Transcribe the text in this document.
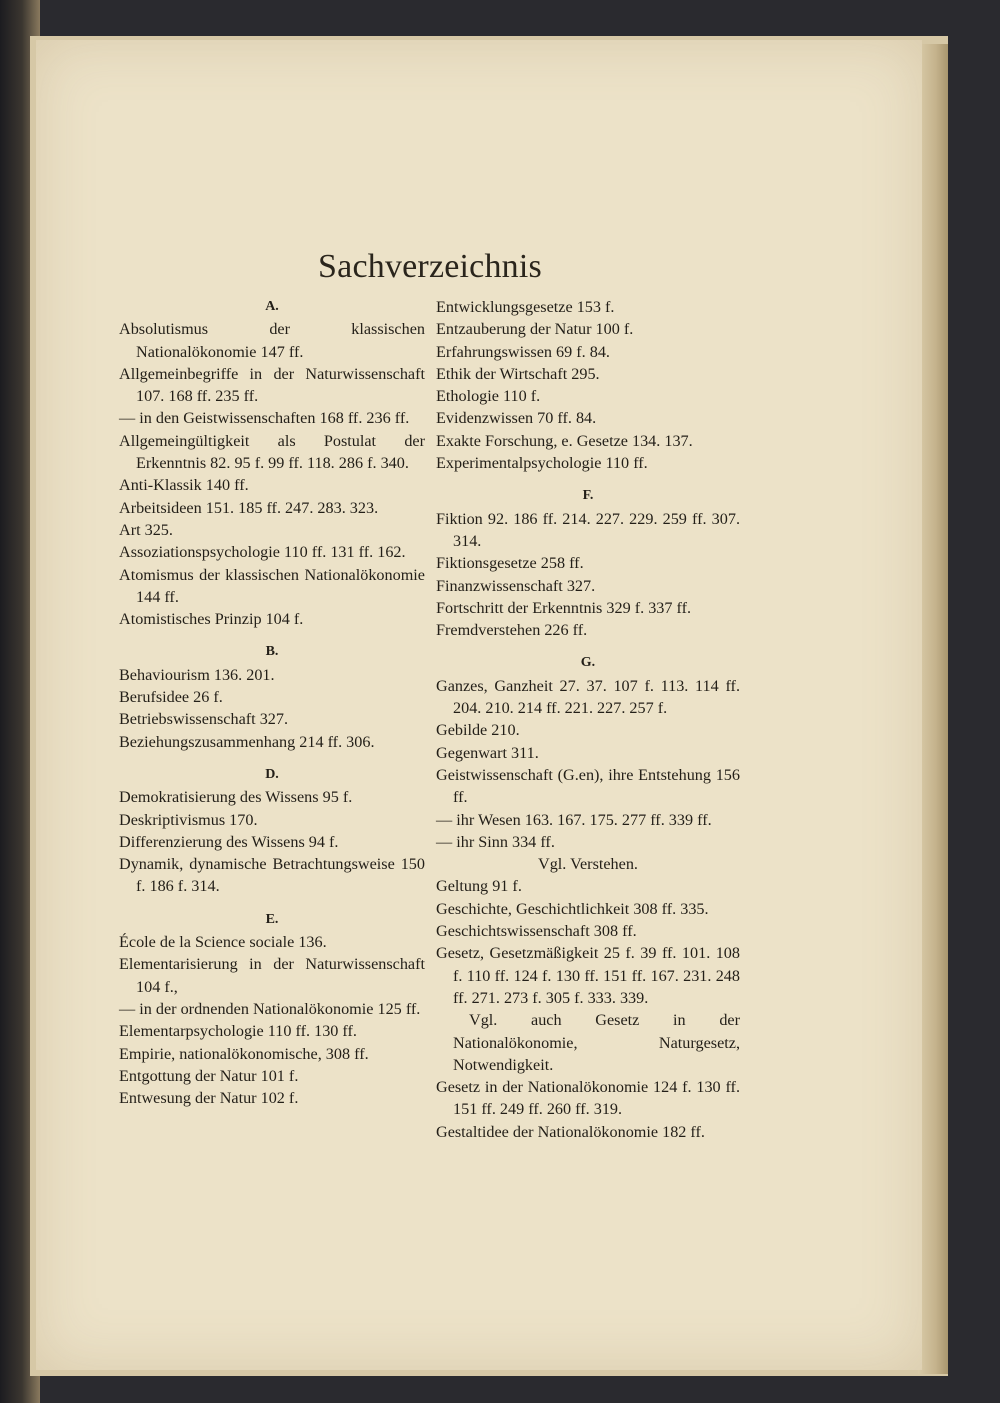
Sachverzeichnis
A.
Absolutismus der klassischen Nationalökonomie 147 ff.
Allgemeinbegriffe in der Naturwissenschaft 107. 168 ff. 235 ff.
— in den Geistwissenschaften 168 ff. 236 ff.
Allgemeingültigkeit als Postulat der Erkenntnis 82. 95 f. 99 ff. 118. 286 f. 340.
Anti-Klassik 140 ff.
Arbeitsideen 151. 185 ff. 247. 283. 323.
Art 325.
Assoziationspsychologie 110 ff. 131 ff. 162.
Atomismus der klassischen Nationalökonomie 144 ff.
Atomistisches Prinzip 104 f.
B.
Behaviourism 136. 201.
Berufsidee 26 f.
Betriebswissenschaft 327.
Beziehungszusammenhang 214 ff. 306.
D.
Demokratisierung des Wissens 95 f.
Deskriptivismus 170.
Differenzierung des Wissens 94 f.
Dynamik, dynamische Betrachtungsweise 150 f. 186 f. 314.
E.
École de la Science sociale 136.
Elementarisierung in der Naturwissenschaft 104 f.,
— in der ordnenden Nationalökonomie 125 ff.
Elementarpsychologie 110 ff. 130 ff.
Empirie, nationalökonomische, 308 ff.
Entgottung der Natur 101 f.
Entwesung der Natur 102 f.
Entwicklungsgesetze 153 f.
Entzauberung der Natur 100 f.
Erfahrungswissen 69 f. 84.
Ethik der Wirtschaft 295.
Ethologie 110 f.
Evidenzwissen 70 ff. 84.
Exakte Forschung, e. Gesetze 134. 137.
Experimentalpsychologie 110 ff.
F.
Fiktion 92. 186 ff. 214. 227. 229. 259 ff. 307. 314.
Fiktionsgesetze 258 ff.
Finanzwissenschaft 327.
Fortschritt der Erkenntnis 329 f. 337 ff.
Fremdverstehen 226 ff.
G.
Ganzes, Ganzheit 27. 37. 107 f. 113. 114 ff. 204. 210. 214 ff. 221. 227. 257 f.
Gebilde 210.
Gegenwart 311.
Geistwissenschaft (G.en), ihre Entstehung 156 ff.
— ihr Wesen 163. 167. 175. 277 ff. 339 ff.
— ihr Sinn 334 ff.
Vgl. Verstehen.
Geltung 91 f.
Geschichte, Geschichtlichkeit 308 ff. 335.
Geschichtswissenschaft 308 ff.
Gesetz, Gesetzmäßigkeit 25 f. 39 ff. 101. 108 f. 110 ff. 124 f. 130 ff. 151 ff. 167. 231. 248 ff. 271. 273 f. 305 f. 333. 339.
Vgl. auch Gesetz in der Nationalökonomie, Naturgesetz, Notwendigkeit.
Gesetz in der Nationalökonomie 124 f. 130 ff. 151 ff. 249 ff. 260 ff. 319.
Gestaltidee der Nationalökonomie 182 ff.
